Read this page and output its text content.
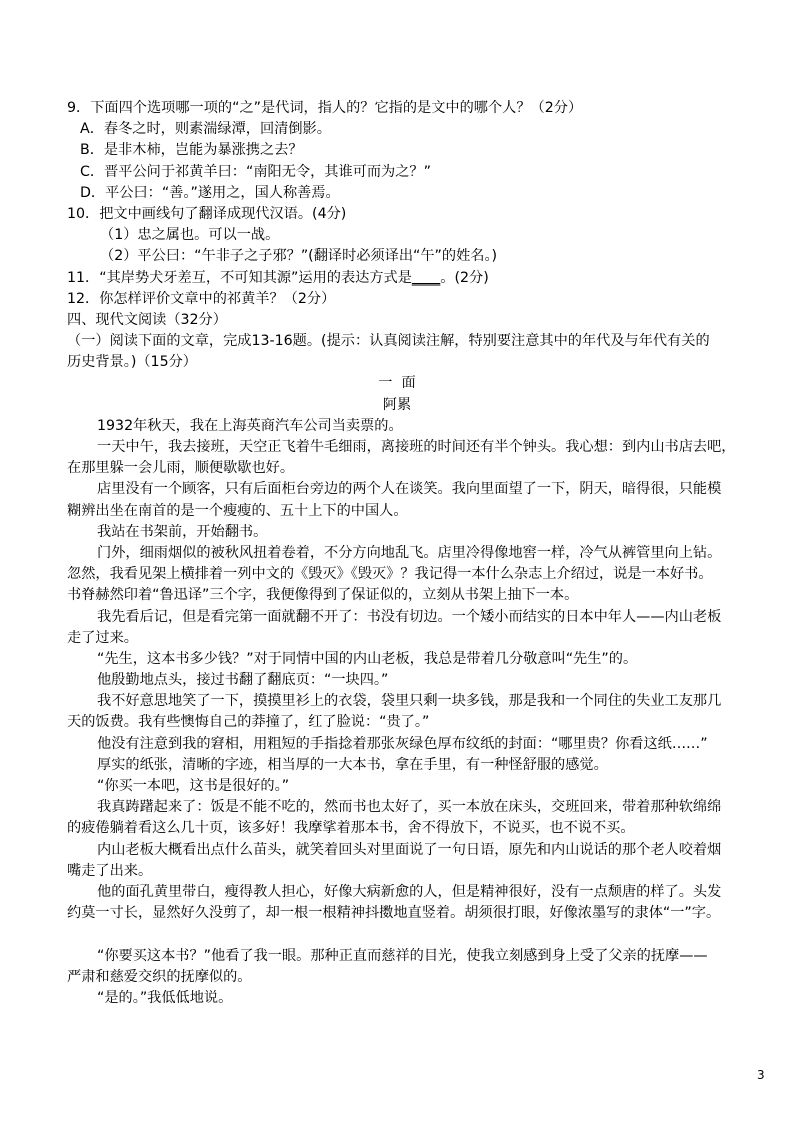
9．下面四个选项哪一项的“之”是代词，指人的？它指的是文中的哪个人？（2分）
A．春冬之时，则素湍绿潭，回清倒影。
B．是非木柿，岂能为暴涨携之去？
C．晋平公问于祁黄羊曰：“南阳无令，其谁可而为之？”
D．平公曰：“善。”遂用之，国人称善焉。
10．把文中画线句了翻译成现代汉语。(4分)
（1）忠之属也。可以一战。
（2）平公曰：“午非子之子邪？”(翻译时必须译出“午”的姓名。)
11．“其岸势犬牙差互，不可知其源”运用的表达方式是____。(2分)
12．你怎样评价文章中的祁黄羊？（2分）
四、现代文阅读（32分）
（一）阅读下面的文章，完成13-16题。(提示：认真阅读注解，特别要注意其中的年代及与年代有关的
历史背景。)（15分）
一  面
阿累
1932年秋天，我在上海英商汽车公司当卖票的。
一天中午，我去接班，天空正飞着牛毛细雨，离接班的时间还有半个钟头。我心想：到内山书店去吧，
在那里躲一会儿雨，顺便歇歇也好。
店里没有一个顾客，只有后面柜台旁边的两个人在谈笑。我向里面望了一下，阴天，暗得很，只能模
糊辨出坐在南首的是一个瘦瘦的、五十上下的中国人。
我站在书架前，开始翻书。
门外，细雨烟似的被秋风扭着卷着，不分方向地乱飞。店里冷得像地窖一样，冷气从裤管里向上钻。
忽然，我看见架上横排着一列中文的《毁灭》《毁灭》？我记得一本什么杂志上介绍过，说是一本好书。
书脊赫然印着“鲁迅译”三个字，我便像得到了保证似的，立刻从书架上抽下一本。
我先看后记，但是看完第一面就翻不开了：书没有切边。一个矮小而结实的日本中年人——内山老板
走了过来。
“先生，这本书多少钱？”对于同情中国的内山老板，我总是带着几分敬意叫“先生”的。
他殷勤地点头，接过书翻了翻底页：“一块四。”
我不好意思地笑了一下，摸摸里衫上的衣袋，袋里只剩一块多钱，那是我和一个同住的失业工友那几
天的饭费。我有些懊悔自己的莽撞了，红了脸说：“贵了。”
他没有注意到我的窘相，用粗短的手指捻着那张灰绿色厚布纹纸的封面：“哪里贵？你看这纸……”
厚实的纸张，清晰的字迹，相当厚的一大本书，拿在手里，有一种怪舒服的感觉。
“你买一本吧，这书是很好的。”
我真踌躇起来了：饭是不能不吃的，然而书也太好了，买一本放在床头，交班回来，带着那种软绵绵
的疲倦躺着看这么几十页，该多好！我摩挲着那本书，舍不得放下，不说买，也不说不买。
内山老板大概看出点什么苗头，就笑着回头对里面说了一句日语，原先和内山说话的那个老人咬着烟
嘴走了出来。
他的面孔黄里带白，瘦得教人担心，好像大病新愈的人，但是精神很好，没有一点颓唐的样了。头发
约莫一寸长，显然好久没剪了，却一根一根精神抖擞地直竖着。胡须很打眼，好像浓墨写的隶体“一”字。
“你要买这本书？”他看了我一眼。那种正直而慈祥的目光，使我立刻感到身上受了父亲的抚摩——
严肃和慈爱交织的抚摩似的。
“是的。”我低低地说。
3
